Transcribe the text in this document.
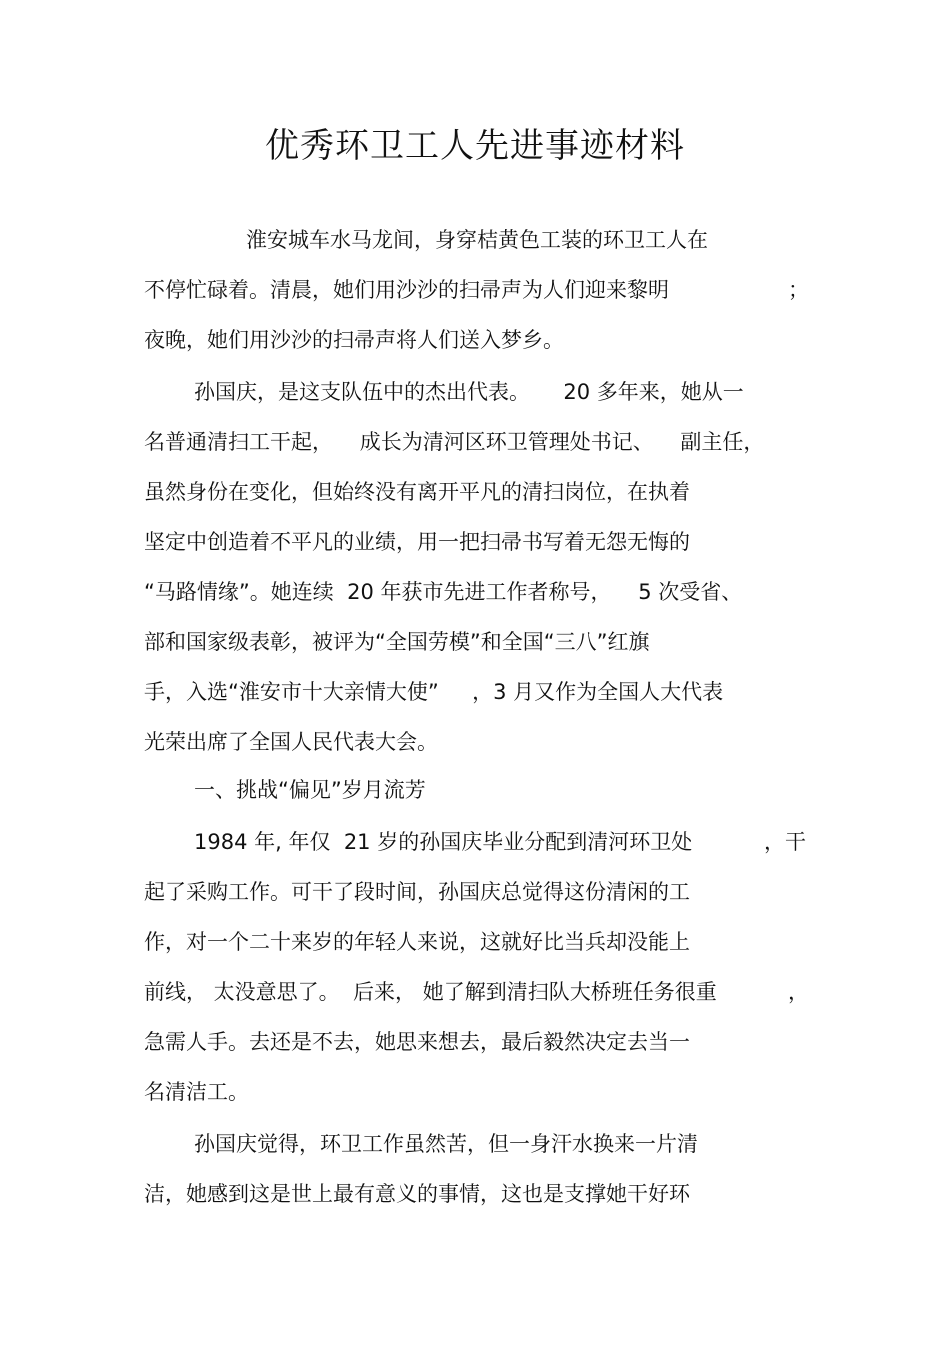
优秀环卫工人先进事迹材料
淮安城车水马龙间，身穿桔黄色工装的环卫工人在
不停忙碌着。清晨，她们用沙沙的扫帚声为人们迎来黎明	；
夜晚，她们用沙沙的扫帚声将人们送入梦乡。
孙国庆，是这支队伍中的杰出代表。     20 多年来，她从一
名普通清扫工干起，    成长为清河区环卫管理处书记、    副主任，
虽然身份在变化，但始终没有离开平凡的清扫岗位，在执着
坚定中创造着不平凡的业绩，用一把扫帚书写着无怨无悔的
“马路情缘”。她连续  20 年获市先进工作者称号，    5 次受省、
部和国家级表彰，被评为“全国劳模”和全国“三八”红旗
手，入选“淮安市十大亲情大使”     ，3 月又作为全国人大代表
光荣出席了全国人民代表大会。
一、挑战“偏见”岁月流芳
1984 年, 年仅  21 岁的孙国庆毕业分配到清河环卫处	，干
起了采购工作。可干了段时间，孙国庆总觉得这份清闲的工
作，对一个二十来岁的年轻人来说，这就好比当兵却没能上
前线， 太没意思了。  后来， 她了解到清扫队大桥班任务很重	，
急需人手。去还是不去，她思来想去，最后毅然决定去当一
名清洁工。
孙国庆觉得，环卫工作虽然苦，但一身汗水换来一片清
洁，她感到这是世上最有意义的事情，这也是支撑她干好环
